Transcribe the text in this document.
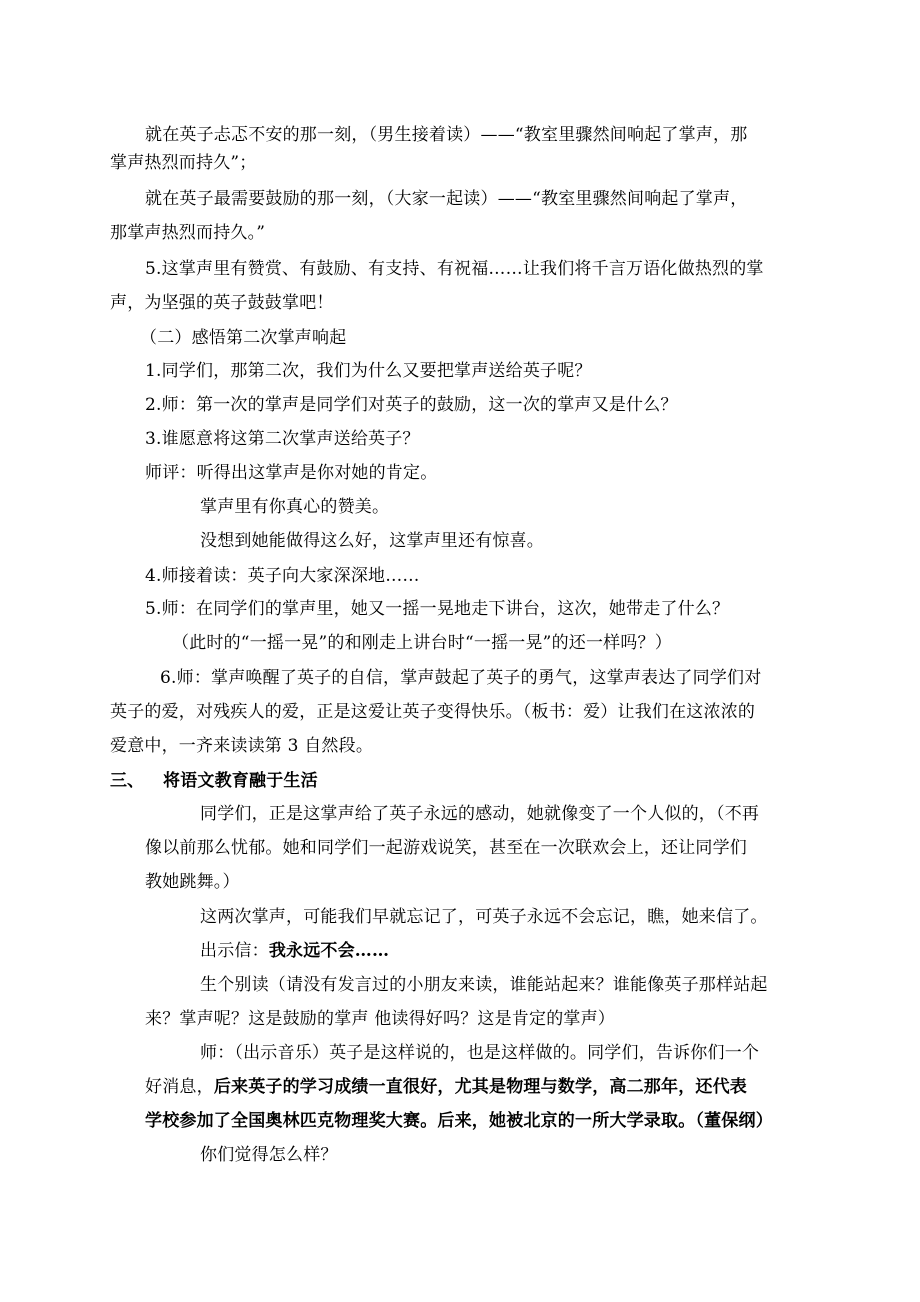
就在英子忐忑不安的那一刻，（男生接着读）——“教室里骤然间响起了掌声，那
掌声热烈而持久”；
就在英子最需要鼓励的那一刻，（大家一起读）——“教室里骤然间响起了掌声，
那掌声热烈而持久。”
5.这掌声里有赞赏、有鼓励、有支持、有祝福……让我们将千言万语化做热烈的掌
声，为坚强的英子鼓鼓掌吧！
（二）感悟第二次掌声响起
1.同学们，那第二次，我们为什么又要把掌声送给英子呢？
2.师：第一次的掌声是同学们对英子的鼓励，这一次的掌声又是什么？
3.谁愿意将这第二次掌声送给英子？
师评：听得出这掌声是你对她的肯定。
掌声里有你真心的赞美。
没想到她能做得这么好，这掌声里还有惊喜。
4.师接着读：英子向大家深深地……
5.师：在同学们的掌声里，她又一摇一晃地走下讲台，这次，她带走了什么？
（此时的“一摇一晃”的和刚走上讲台时“一摇一晃”的还一样吗？）
6.师：掌声唤醒了英子的自信，掌声鼓起了英子的勇气，这掌声表达了同学们对
英子的爱，对残疾人的爱，正是这爱让英子变得快乐。（板书：爱）让我们在这浓浓的
爱意中，一齐来读读第 3 自然段。
三、 将语文教育融于生活
同学们，正是这掌声给了英子永远的感动，她就像变了一个人似的，（不再
像以前那么忧郁。她和同学们一起游戏说笑，甚至在一次联欢会上，还让同学们
教她跳舞。）
这两次掌声，可能我们早就忘记了，可英子永远不会忘记，瞧，她来信了。
出示信：我永远不会……
生个别读（请没有发言过的小朋友来读，谁能站起来？谁能像英子那样站起
来？掌声呢？这是鼓励的掌声 他读得好吗？这是肯定的掌声）
师：（出示音乐）英子是这样说的，也是这样做的。同学们，告诉你们一个
好消息，后来英子的学习成绩一直很好，尤其是物理与数学，高二那年，还代表
学校参加了全国奥林匹克物理奖大赛。后来，她被北京的一所大学录取。（董保纲）
你们觉得怎么样？
